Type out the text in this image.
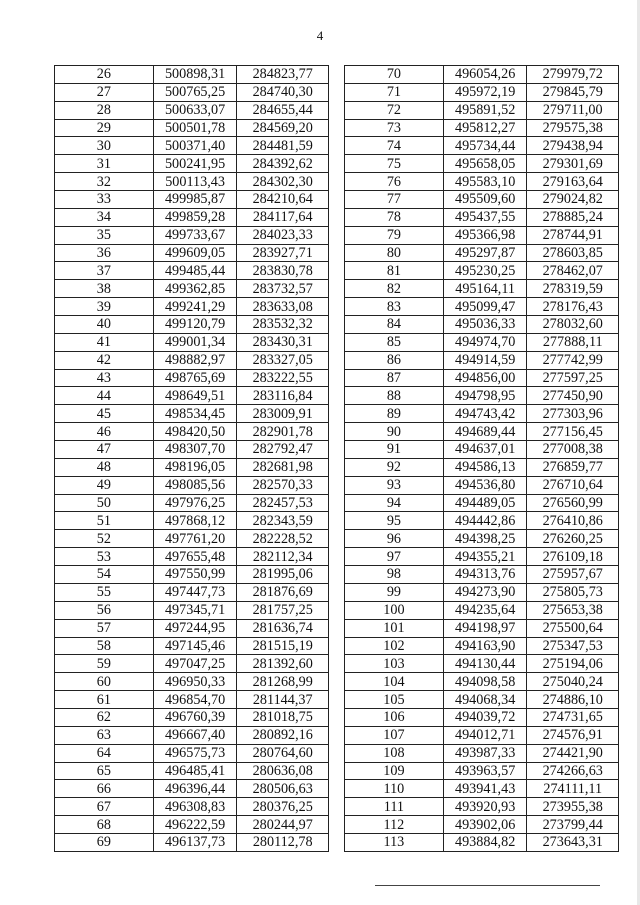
4
26	500898,31	284823,77
27	500765,25	284740,30
28	500633,07	284655,44
29	500501,78	284569,20
30	500371,40	284481,59
31	500241,95	284392,62
32	500113,43	284302,30
33	499985,87	284210,64
34	499859,28	284117,64
35	499733,67	284023,33
36	499609,05	283927,71
37	499485,44	283830,78
38	499362,85	283732,57
39	499241,29	283633,08
40	499120,79	283532,32
41	499001,34	283430,31
42	498882,97	283327,05
43	498765,69	283222,55
44	498649,51	283116,84
45	498534,45	283009,91
46	498420,50	282901,78
47	498307,70	282792,47
48	498196,05	282681,98
49	498085,56	282570,33
50	497976,25	282457,53
51	497868,12	282343,59
52	497761,20	282228,52
53	497655,48	282112,34
54	497550,99	281995,06
55	497447,73	281876,69
56	497345,71	281757,25
57	497244,95	281636,74
58	497145,46	281515,19
59	497047,25	281392,60
60	496950,33	281268,99
61	496854,70	281144,37
62	496760,39	281018,75
63	496667,40	280892,16
64	496575,73	280764,60
65	496485,41	280636,08
66	496396,44	280506,63
67	496308,83	280376,25
68	496222,59	280244,97
69	496137,73	280112,78
70	496054,26	279979,72
71	495972,19	279845,79
72	495891,52	279711,00
73	495812,27	279575,38
74	495734,44	279438,94
75	495658,05	279301,69
76	495583,10	279163,64
77	495509,60	279024,82
78	495437,55	278885,24
79	495366,98	278744,91
80	495297,87	278603,85
81	495230,25	278462,07
82	495164,11	278319,59
83	495099,47	278176,43
84	495036,33	278032,60
85	494974,70	277888,11
86	494914,59	277742,99
87	494856,00	277597,25
88	494798,95	277450,90
89	494743,42	277303,96
90	494689,44	277156,45
91	494637,01	277008,38
92	494586,13	276859,77
93	494536,80	276710,64
94	494489,05	276560,99
95	494442,86	276410,86
96	494398,25	276260,25
97	494355,21	276109,18
98	494313,76	275957,67
99	494273,90	275805,73
100	494235,64	275653,38
101	494198,97	275500,64
102	494163,90	275347,53
103	494130,44	275194,06
104	494098,58	275040,24
105	494068,34	274886,10
106	494039,72	274731,65
107	494012,71	274576,91
108	493987,33	274421,90
109	493963,57	274266,63
110	493941,43	274111,11
111	493920,93	273955,38
112	493902,06	273799,44
113	493884,82	273643,31
